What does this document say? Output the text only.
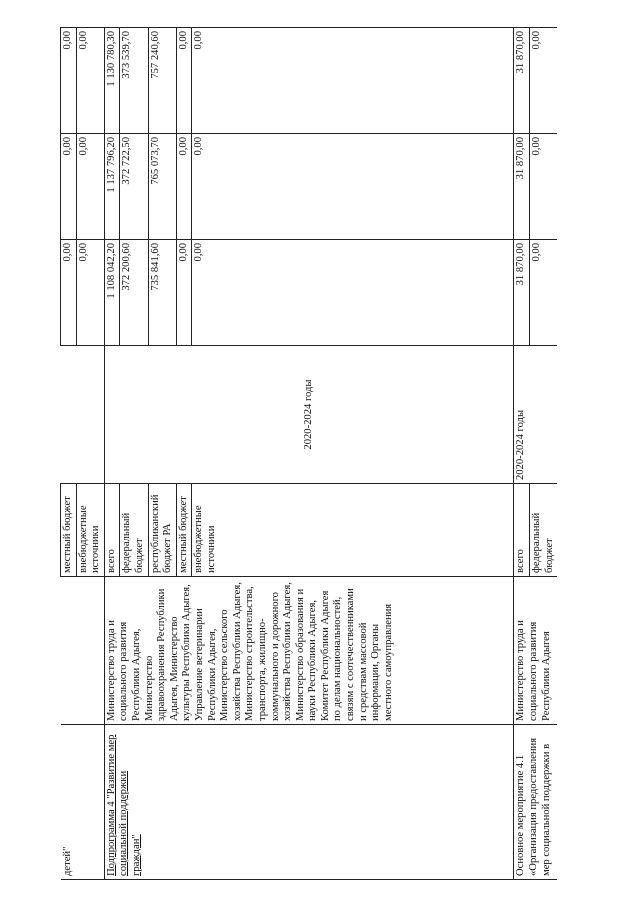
детей"		местный бюджет		0,00	0,00	0,00
		внебюджетные источники		0,00	0,00	0,00
Подпрограмма 4 "Развитие мер социальной поддержки граждан"	Министерство труда и социального развития Республики Адыгея, Министерство здравоохранения Республики Адыгея, Министерство культуры Республики Адыгея, Управление ветеринарии Республики Адыгея, Министерство сельского хозяйства Республики Адыгея, Министерство строительства, транспорта, жилищно-коммунального и дорожного хозяйства Республики Адыгея, Министерство образования и науки Республики Адыгея, Комитет Республики Адыгея по делам национальностей, связям с соотечественниками и средствам массовой информации, Органы местного самоуправления	всего	2020-2024 годы	1 108 042,20	1 137 796,20	1 130 780,30
		федеральный бюджет		372 200,60	372 722,50	373 539,70
		республиканский бюджет РА		735 841,60	765 073,70	757 240,60
		местный бюджет		0,00	0,00	0,00
		внебюджетные источники		0,00	0,00	0,00
Основное мероприятие 4.1 «Организация предоставления мер социальной поддержки в	Министерство труда и социального развития Республики Адыгея	всего	2020-2024 годы	31 870,00	31 870,00	31 870,00
		федеральный бюджет		0,00	0,00	0,00
